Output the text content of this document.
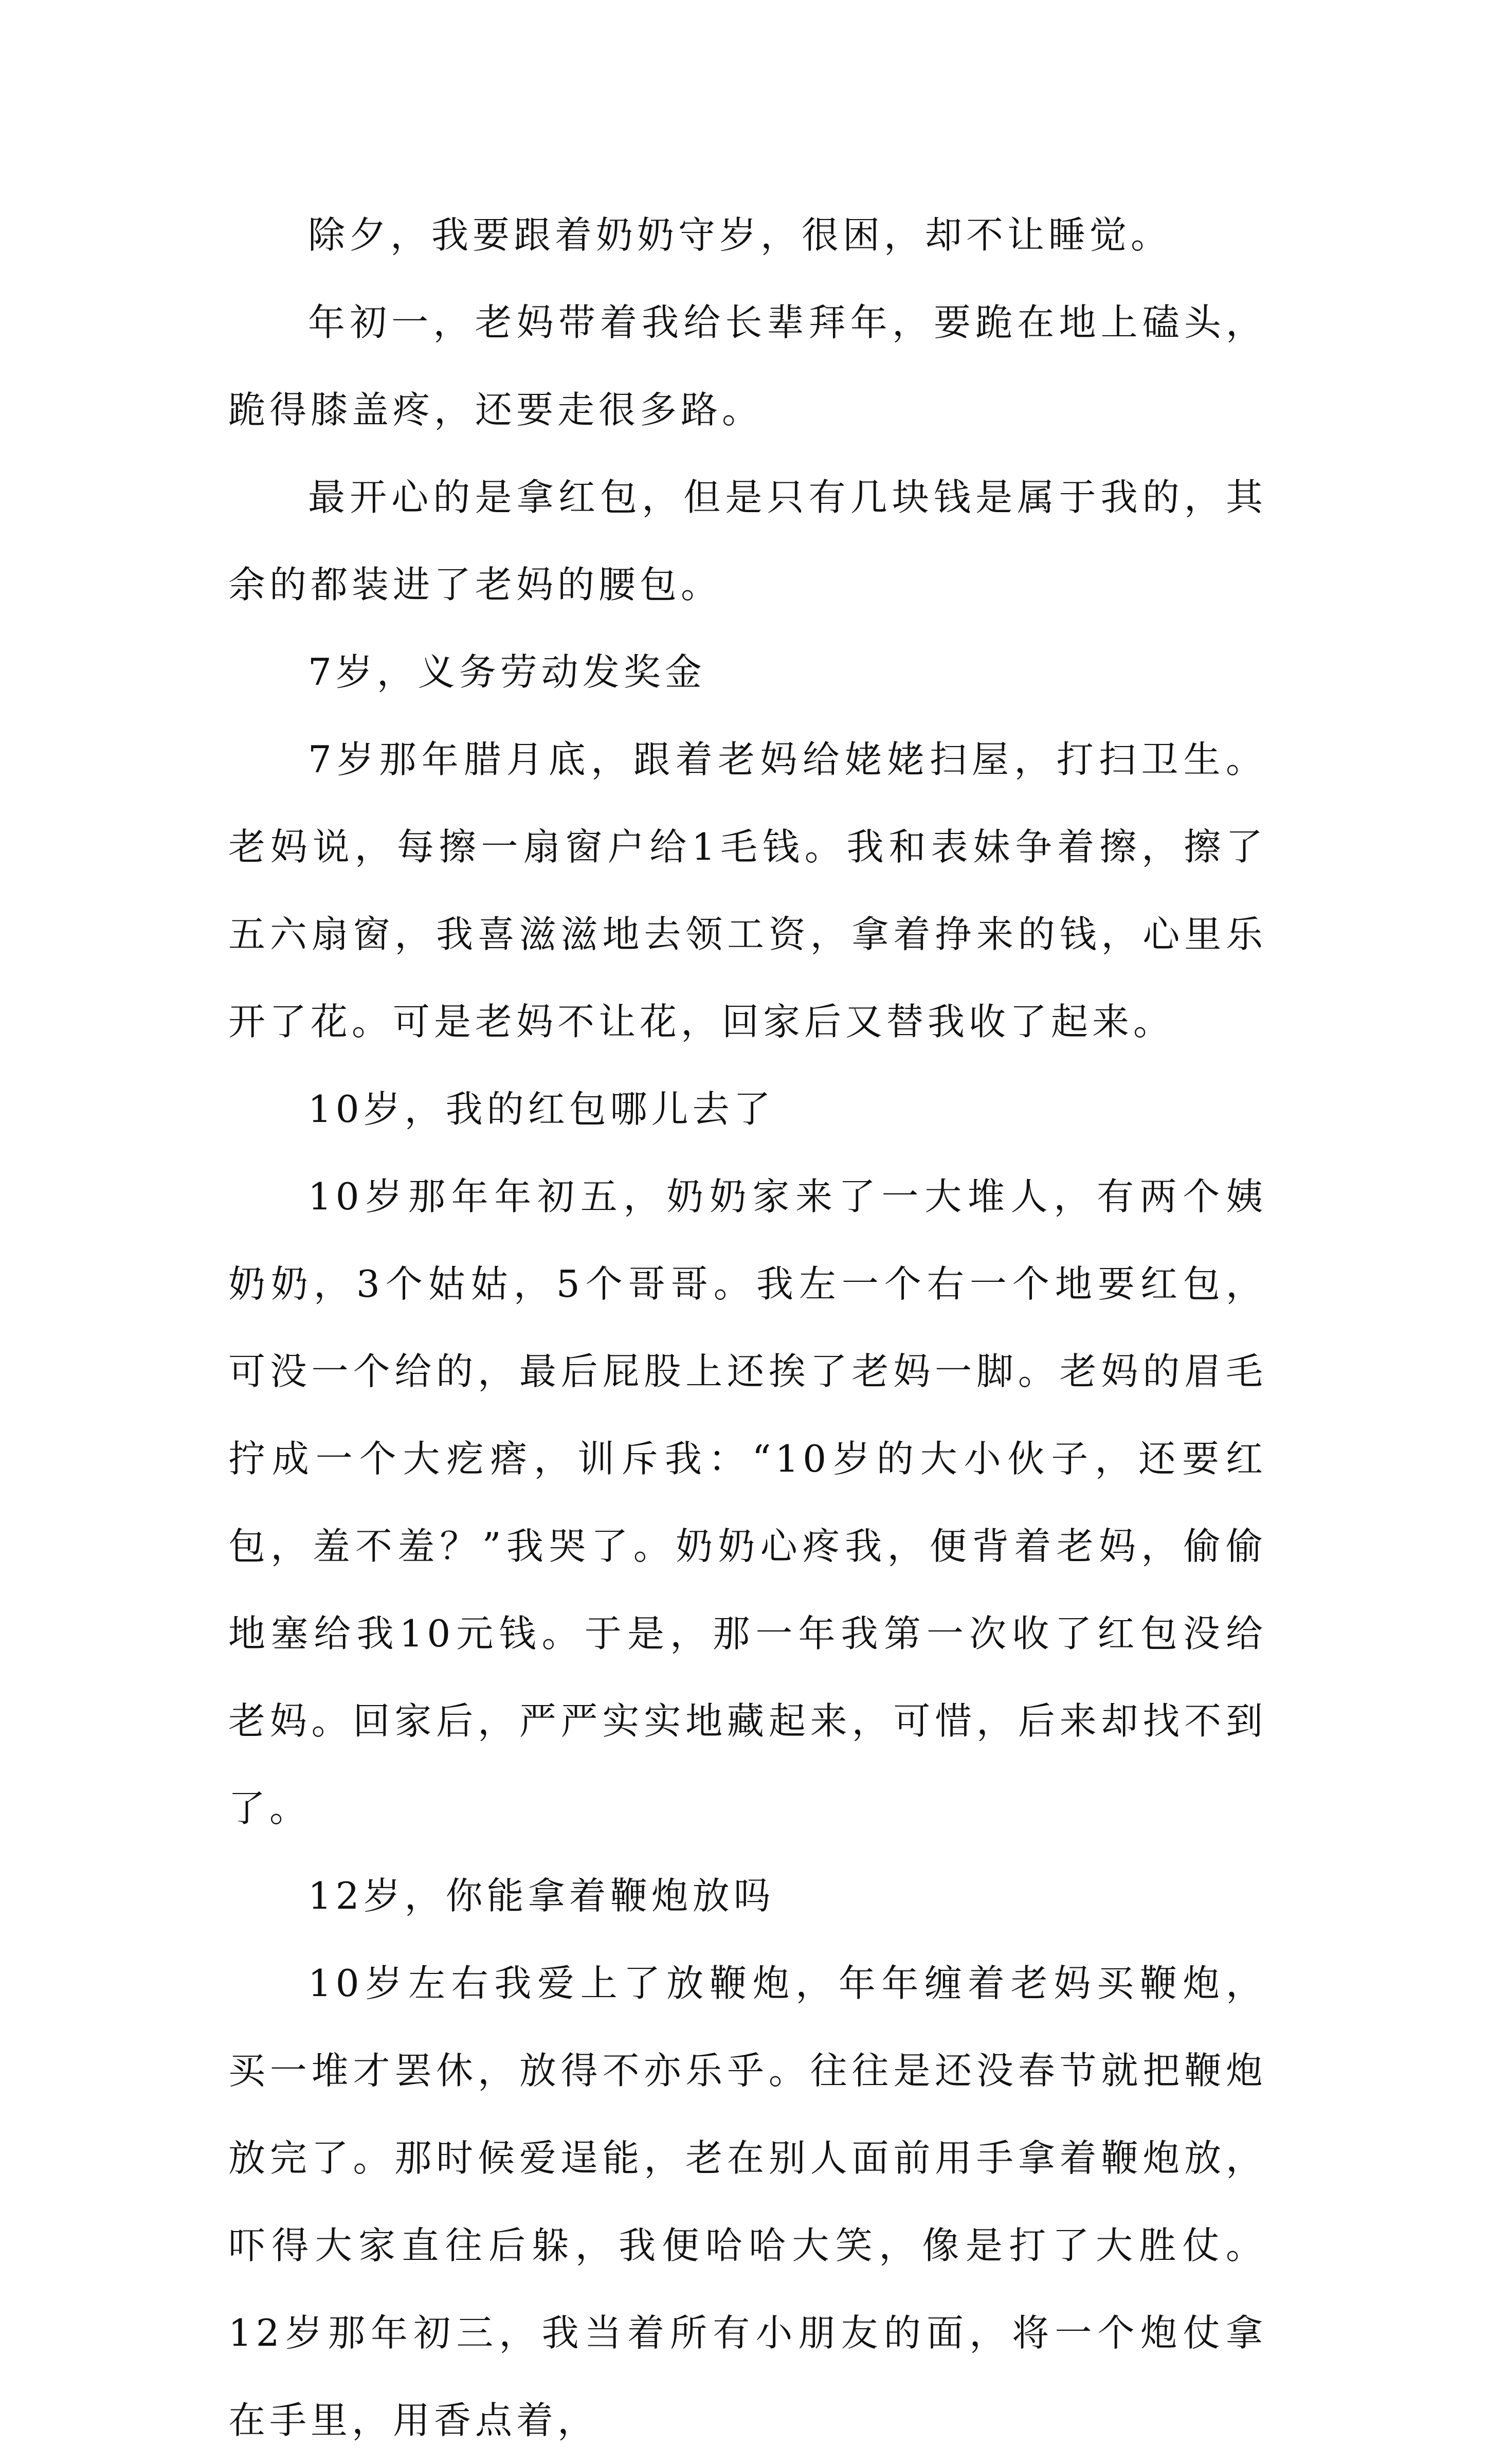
除夕，我要跟着奶奶守岁，很困，却不让睡觉。

年初一，老妈带着我给长辈拜年，要跪在地上磕头，跪得膝盖疼，还要走很多路。

最开心的是拿红包，但是只有几块钱是属于我的，其余的都装进了老妈的腰包。

7岁，义务劳动发奖金

7岁那年腊月底，跟着老妈给姥姥扫屋，打扫卫生。老妈说，每擦一扇窗户给1毛钱。我和表妹争着擦，擦了五六扇窗，我喜滋滋地去领工资，拿着挣来的钱，心里乐开了花。可是老妈不让花，回家后又替我收了起来。

10岁，我的红包哪儿去了

10岁那年年初五，奶奶家来了一大堆人，有两个姨奶奶，3个姑姑，5个哥哥。我左一个右一个地要红包，可没一个给的，最后屁股上还挨了老妈一脚。老妈的眉毛拧成一个大疙瘩，训斥我：“10岁的大小伙子，还要红包，羞不羞？”我哭了。奶奶心疼我，便背着老妈，偷偷地塞给我10元钱。于是，那一年我第一次收了红包没给老妈。回家后，严严实实地藏起来，可惜，后来却找不到了。

12岁，你能拿着鞭炮放吗

10岁左右我爱上了放鞭炮，年年缠着老妈买鞭炮，买一堆才罢休，放得不亦乐乎。往往是还没春节就把鞭炮放完了。那时候爱逞能，老在别人面前用手拿着鞭炮放，吓得大家直往后躲，我便哈哈大笑，像是打了大胜仗。12岁那年初三，我当着所有小朋友的面，将一个炮仗拿在手里，用香点着，
